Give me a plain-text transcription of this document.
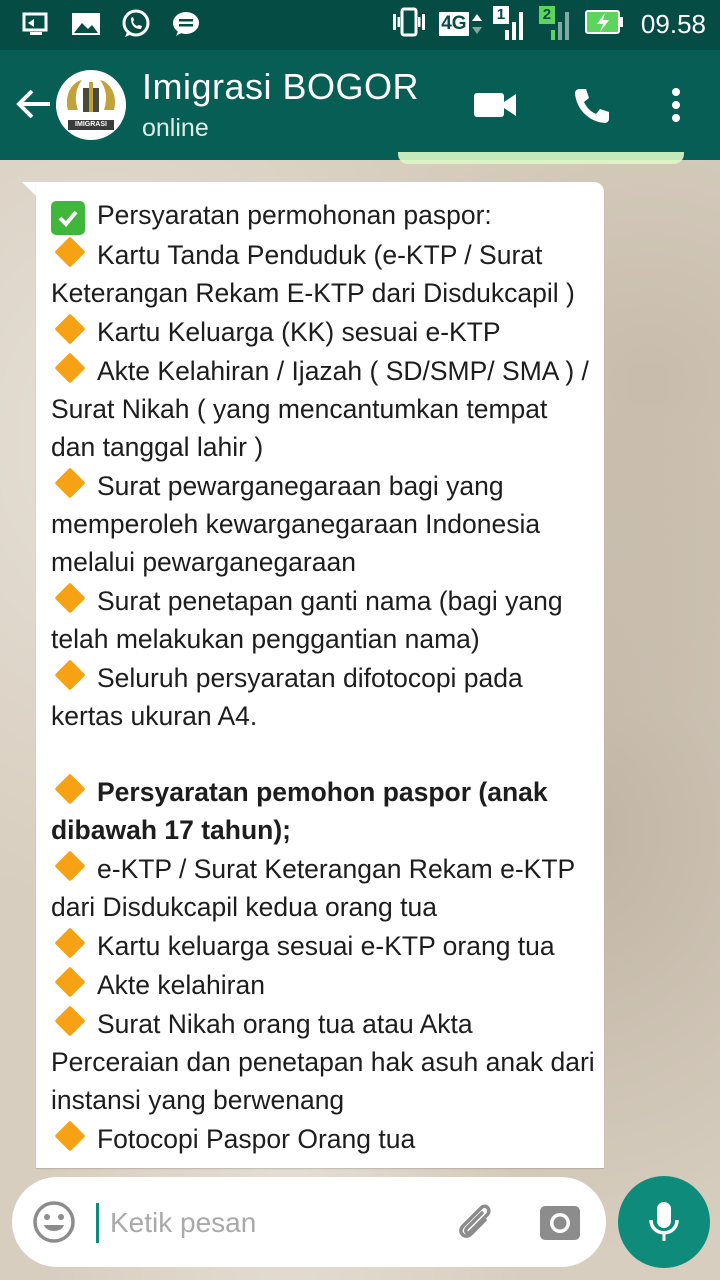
4G 1	2	09.58
IMIGRASI
Imigrasi BOGOR
online
Persyaratan permohonan paspor:
Kartu Tanda Penduduk (e-KTP / Surat Keterangan Rekam E-KTP dari Disdukcapil )
Kartu Keluarga (KK) sesuai e-KTP
Akte Kelahiran / Ijazah ( SD/SMP/ SMA ) / Surat Nikah ( yang mencantumkan tempat dan tanggal lahir )
Surat pewarganegaraan bagi yang memperoleh kewarganegaraan Indonesia melalui pewarganegaraan
Surat penetapan ganti nama (bagi yang telah melakukan penggantian nama)
Seluruh persyaratan difotocopi pada kertas ukuran A4.
Persyaratan pemohon paspor (anak dibawah 17 tahun);
e-KTP / Surat Keterangan Rekam e-KTP dari Disdukcapil kedua orang tua
Kartu keluarga sesuai e-KTP orang tua
Akte kelahiran
Surat Nikah orang tua atau Akta Perceraian dan penetapan hak asuh anak dari instansi yang berwenang
Fotocopi Paspor Orang tua
Ketik pesan
